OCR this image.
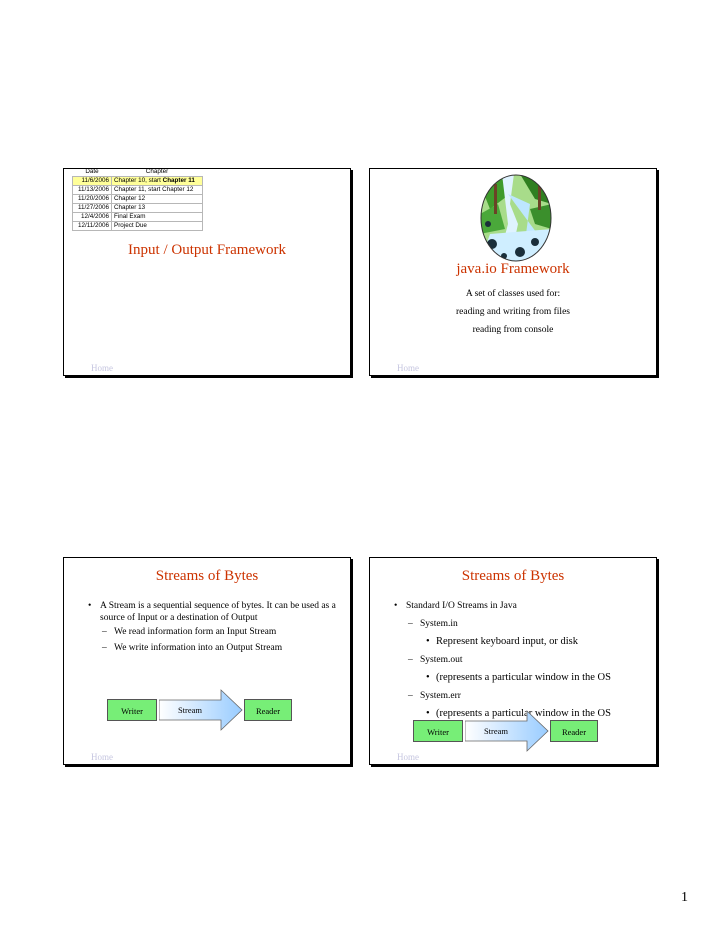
Date	Chapter
11/6/2006	Chapter 10, start Chapter 11
11/13/2006	Chapter 11, start Chapter 12
11/20/2006	Chapter 12
11/27/2006	Chapter 13
12/4/2006	Final Exam
12/11/2006	Project Due
Input / Output Framework
Home
java.io Framework
A set of classes used for:
reading and writing from files
reading from console
Home
Streams of Bytes
• A Stream is a sequential sequence of bytes. It can be used as a source of Input or a destination of Output
– We read information form an Input Stream
– We write information into an Output Stream
Writer	Stream	Reader
Home
Streams of Bytes
• Standard I/O Streams in Java
– System.in
• Represent keyboard input, or disk
– System.out
• (represents a particular window in the OS
– System.err
• (represents a particular window in the OS
Writer	Stream	Reader
Home
1
